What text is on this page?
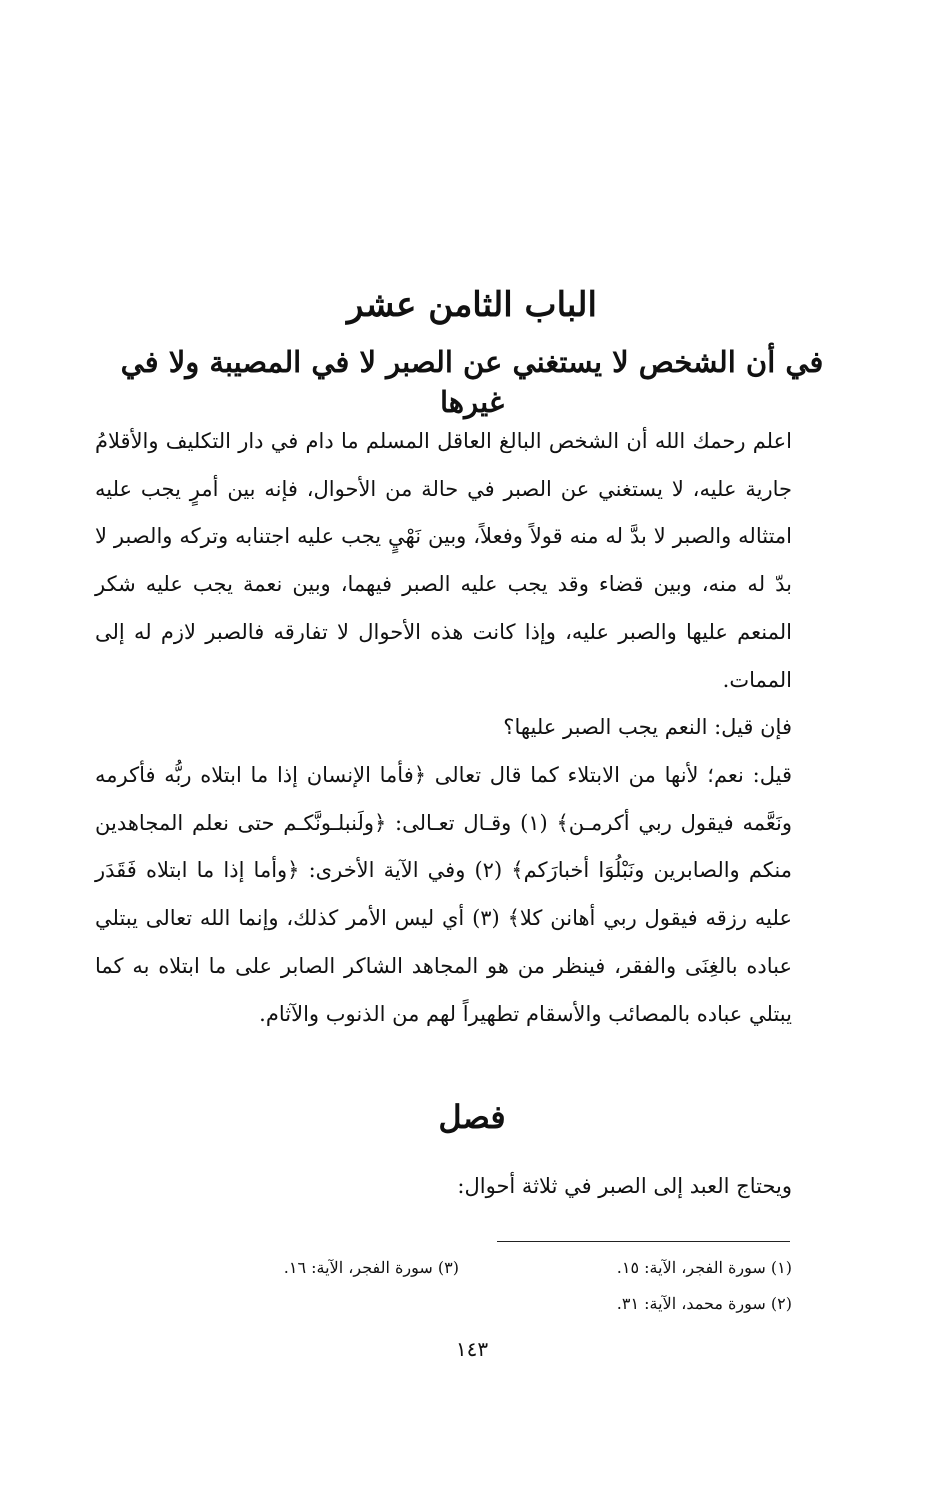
الباب الثامن عشر
في أن الشخص لا يستغني عن الصبر لا في المصيبة ولا في غيرها

اعلم رحمك الله أن الشخص البالغ العاقل المسلم ما دام في دار التكليف والأقلامُ جارية عليه، لا يستغني عن الصبر في حالة من الأحوال، فإنه بين أمرٍ يجب عليه امتثاله والصبر لا بدَّ له منه قولاً وفعلاً، وبين نَهْيٍ يجب عليه اجتنابه وتركه والصبر لا بدّ له منه، وبين قضاء وقد يجب عليه الصبر فيهما، وبين نعمة يجب عليه شكر المنعم عليها والصبر عليه، وإذا كانت هذه الأحوال لا تفارقه فالصبر لازم له إلى الممات.

فإن قيل: النعم يجب الصبر عليها؟

قيل: نعم؛ لأنها من الابتلاء كما قال تعالى ﴿فأما الإنسان إذا ما ابتلاه ربُّه فأكرمه ونَعَّمه فيقول ربي أكرمـن﴾ (١) وقـال تعـالى: ﴿ولَنبلـونَّكـم حتى نعلم المجاهدين منكم والصابرين ونَبْلُوَا أخبارَكم﴾ (٢) وفي الآية الأخرى: ﴿وأما إذا ما ابتلاه فَقَدَر عليه رزقه فيقول ربي أهانن كلا﴾ (٣) أي ليس الأمر كذلك، وإنما الله تعالى يبتلي عباده بالغِنَى والفقر، فينظر من هو المجاهد الشاكر الصابر على ما ابتلاه به كما يبتلي عباده بالمصائب والأسقام تطهيراً لهم من الذنوب والآثام.

فصل

ويحتاج العبد إلى الصبر في ثلاثة أحوال:

(١) سورة الفجر، الآية: ١٥.

(٢) سورة محمد، الآية: ٣١.

(٣) سورة الفجر، الآية: ١٦.

١٤٣
